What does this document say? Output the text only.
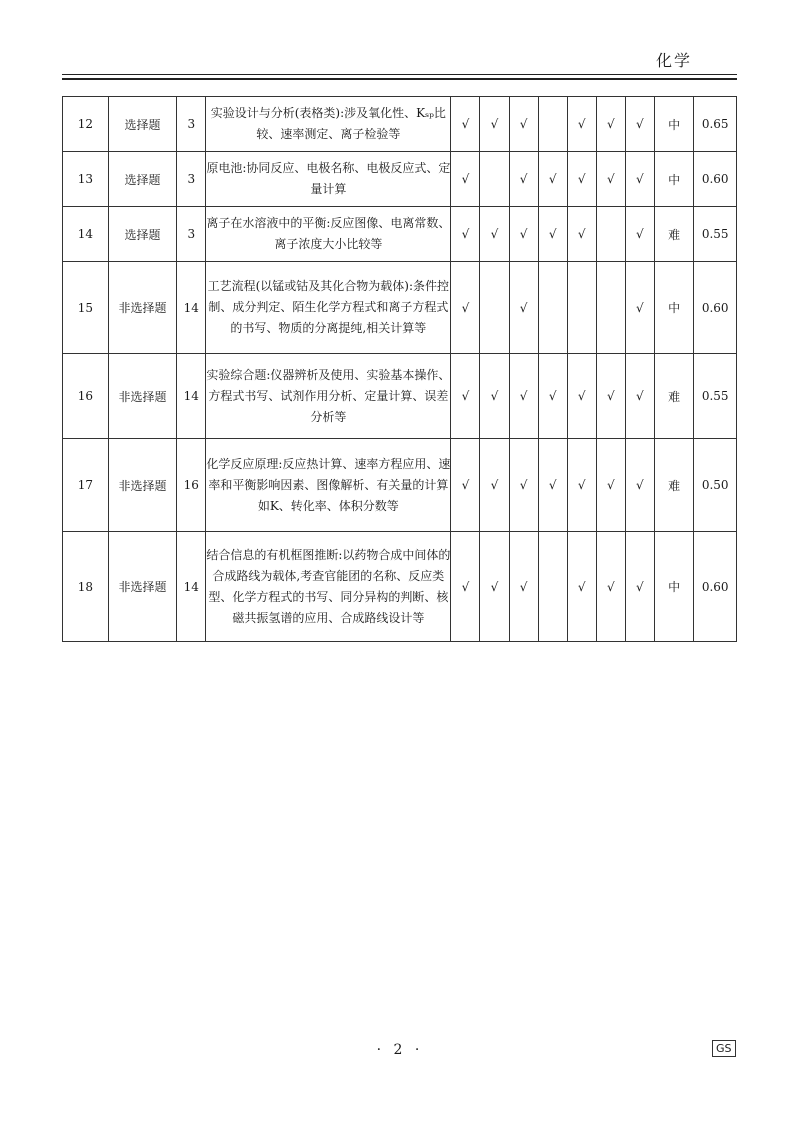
化学
12	选择题	3	实验设计与分析(表格类):涉及氧化性、Kₛₚ比较、速率测定、离子检验等	√	√	√		√	√	√	中	0.65
13	选择题	3	原电池:协同反应、电极名称、电极反应式、定量计算	√		√	√	√	√	√	中	0.60
14	选择题	3	离子在水溶液中的平衡:反应图像、电离常数、离子浓度大小比较等	√	√	√	√	√		√	难	0.55
15	非选择题	14	工艺流程(以锰或钴及其化合物为载体):条件控制、成分判定、陌生化学方程式和离子方程式的书写、物质的分离提纯,相关计算等	√		√				√	中	0.60
16	非选择题	14	实验综合题:仪器辨析及使用、实验基本操作、方程式书写、试剂作用分析、定量计算、误差分析等	√	√	√	√	√	√	√	难	0.55
17	非选择题	16	化学反应原理:反应热计算、速率方程应用、速率和平衡影响因素、图像解析、有关量的计算如K、转化率、体积分数等	√	√	√	√	√	√	√	难	0.50
18	非选择题	14	结合信息的有机框图推断:以药物合成中间体的合成路线为载体,考查官能团的名称、反应类型、化学方程式的书写、同分异构的判断、核磁共振氢谱的应用、合成路线设计等	√	√	√		√	√	√	中	0.60
· 2 ·	GS
